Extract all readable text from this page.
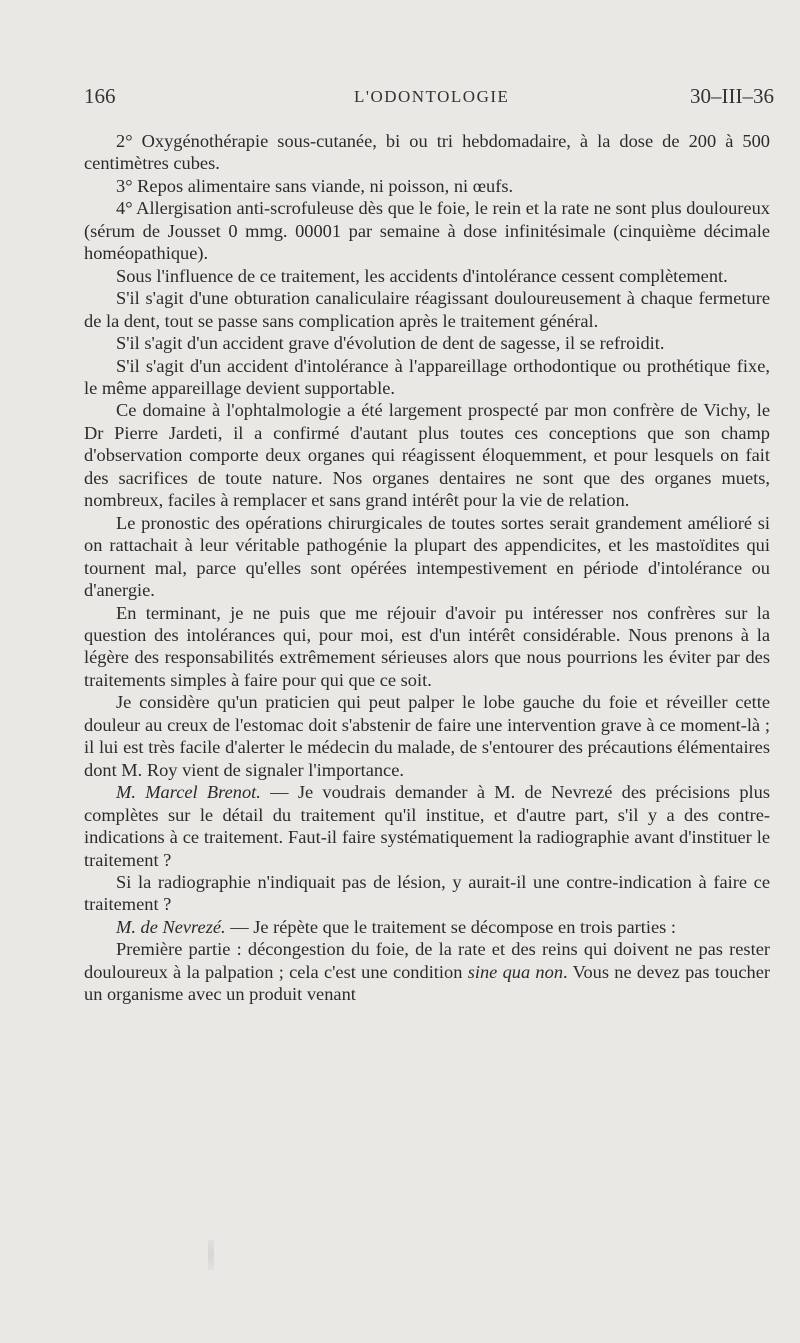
166	L'ODONTOLOGIE	30–III–36

2° Oxygénothérapie sous-cutanée, bi ou tri hebdomadaire, à la dose de 200 à 500 centimètres cubes.

3° Repos alimentaire sans viande, ni poisson, ni œufs.

4° Allergisation anti-scrofuleuse dès que le foie, le rein et la rate ne sont plus douloureux (sérum de Jousset 0 mmg. 00001 par semaine à dose infinitésimale (cinquième décimale homéopathique).

Sous l'influence de ce traitement, les accidents d'intolérance cessent complètement.

S'il s'agit d'une obturation canaliculaire réagissant douloureusement à chaque fermeture de la dent, tout se passe sans complication après le traitement général.

S'il s'agit d'un accident grave d'évolution de dent de sagesse, il se refroidit.

S'il s'agit d'un accident d'intolérance à l'appareillage orthodontique ou prothétique fixe, le même appareillage devient supportable.

Ce domaine à l'ophtalmologie a été largement prospecté par mon confrère de Vichy, le Dr Pierre Jardeti, il a confirmé d'autant plus toutes ces conceptions que son champ d'observation comporte deux organes qui réagissent éloquemment, et pour lesquels on fait des sacrifices de toute nature. Nos organes dentaires ne sont que des organes muets, nombreux, faciles à remplacer et sans grand intérêt pour la vie de relation.

Le pronostic des opérations chirurgicales de toutes sortes serait grandement amélioré si on rattachait à leur véritable pathogénie la plupart des appendicites, et les mastoïdites qui tournent mal, parce qu'elles sont opérées intempestivement en période d'intolérance ou d'anergie.

En terminant, je ne puis que me réjouir d'avoir pu intéresser nos confrères sur la question des intolérances qui, pour moi, est d'un intérêt considérable. Nous prenons à la légère des responsabilités extrêmement sérieuses alors que nous pourrions les éviter par des traitements simples à faire pour qui que ce soit.

Je considère qu'un praticien qui peut palper le lobe gauche du foie et réveiller cette douleur au creux de l'estomac doit s'abstenir de faire une intervention grave à ce moment-là ; il lui est très facile d'alerter le médecin du malade, de s'entourer des précautions élémentaires dont M. Roy vient de signaler l'importance.

M. Marcel Brenot. — Je voudrais demander à M. de Nevrezé des précisions plus complètes sur le détail du traitement qu'il institue, et d'autre part, s'il y a des contre-indications à ce traitement. Faut-il faire systématiquement la radiographie avant d'instituer le traitement ?

Si la radiographie n'indiquait pas de lésion, y aurait-il une contre-indication à faire ce traitement ?

M. de Nevrezé. — Je répète que le traitement se décompose en trois parties :

Première partie : décongestion du foie, de la rate et des reins qui doivent ne pas rester douloureux à la palpation ; cela c'est une condition sine qua non. Vous ne devez pas toucher un organisme avec un produit venant
